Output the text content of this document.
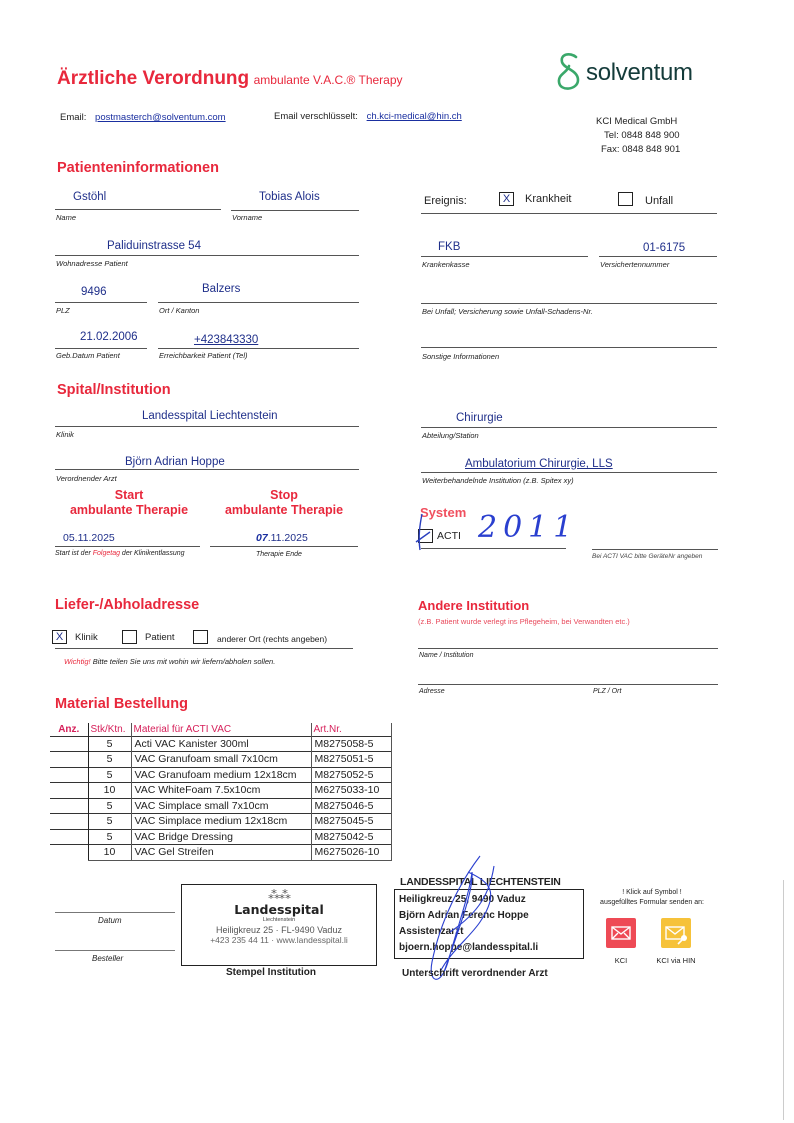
Ärztliche Verordnung ambulante V.A.C.® Therapy	solventum
Email: postmasterch@solventum.com	Email verschlüsselt: ch.kci-medical@hin.ch	KCI Medical GmbH
Tel: 0848 848 900
Fax: 0848 848 901
Patienteninformationen
Gstöhl
Name
Tobias Alois
Vorname
Paliduinstrasse 54
Wohnadresse Patient
9496
PLZ
Balzers
Ort / Kanton
21.02.2006
Geb.Datum Patient
+423843330
Erreichbarkeit Patient (Tel)
Ereignis:	X	Krankheit	Unfall
FKB
Krankenkasse
01-6175
Versichertennummer
Bei Unfall; Versicherung sowie Unfall-Schadens-Nr.
Sonstige Informationen
Spital/Institution
Landesspital Liechtenstein
Klinik
Björn Adrian Hoppe
Verordnender Arzt
Start
ambulante Therapie
Stop
ambulante Therapie
05.11.2025
Start ist der Folgetag der Klinikentlassung
07.11.2025
Therapie Ende
Chirurgie
Abteilung/Station
Ambulatorium Chirurgie, LLS
Weiterbehandelnde Institution (z.B. Spitex xy)
System
ACTI 2011
Bei ACTI VAC bitte GerätеNr angeben
Liefer-/Abholadresse
X	Klinik	Patient	anderer Ort (rechts angeben)
Wichtig! Bitte teilen Sie uns mit wohin wir liefern/abholen sollen.
Andere Institution
(z.B. Patient wurde verlegt ins Pflegeheim, bei Verwandten etc.)
Name / Institution
Adresse	PLZ / Ort
Material Bestellung
Anz.	Stk/Ktn.	Material für ACTI VAC	Art.Nr.
	5	Acti VAC Kanister 300ml	M8275058-5
	5	VAC Granufoam small 7x10cm	M8275051-5
	5	VAC Granufoam medium 12x18cm	M8275052-5
	10	VAC WhiteFoam 7.5x10cm	M6275033-10
	5	VAC Simplace small 7x10cm	M8275046-5
	5	VAC Simplace medium 12x18cm	M8275045-5
	5	VAC Bridge Dressing	M8275042-5
	10	VAC Gel Streifen	M6275026-10
Datum
Besteller
⁂⁂
Landesspital
Liechtenstein
Heiligkreuz 25 · FL-9490 Vaduz
+423 235 44 11 · www.landesspital.li
Stempel Institution
LANDESSPITAL LIECHTENSTEIN
Heiligkreuz 25, 9490 Vaduz
Björn Adrian Ferenc Hoppe
Assistenzarzt
bjoern.hoppe@landesspital.li
Unterschrift verordnender Arzt
! Klick auf Symbol !
ausgefülltes Formular senden an:
KCI	KCI via HIN
